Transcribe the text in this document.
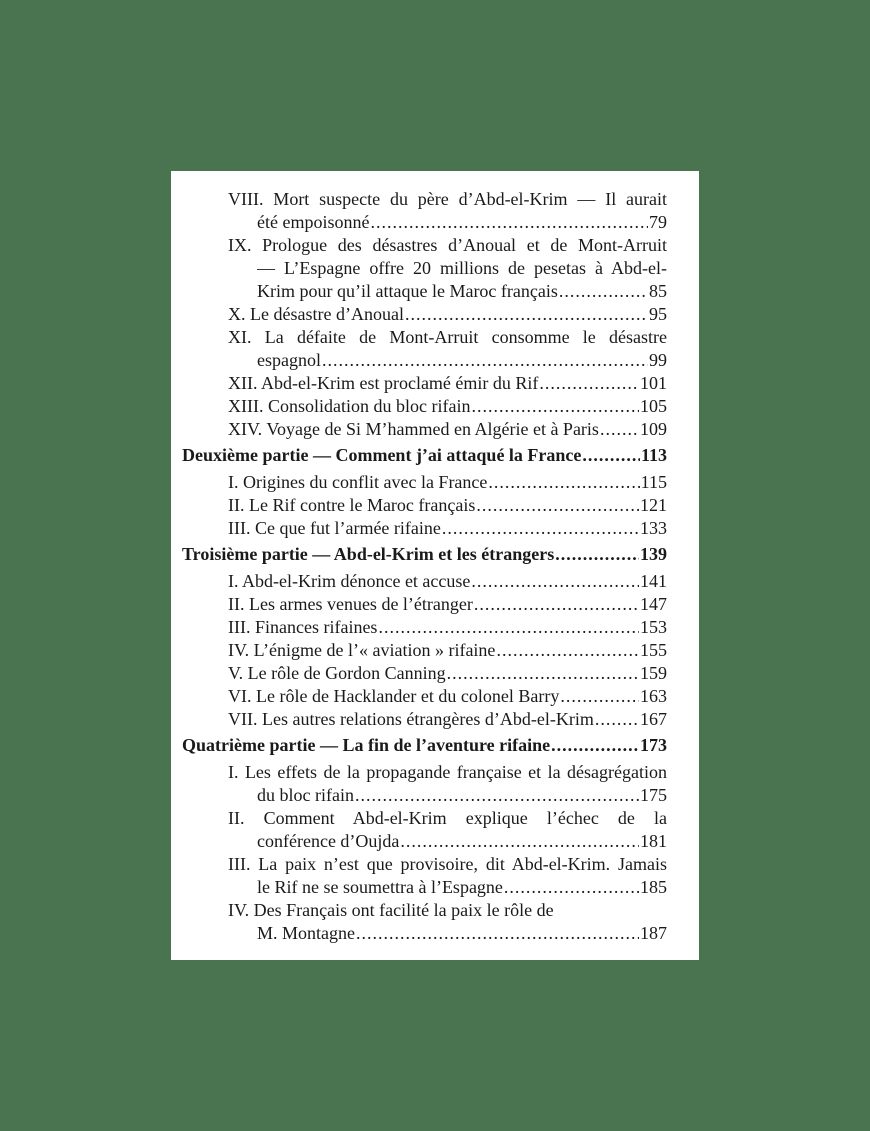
VIII. Mort suspecte du père d’Abd-el-Krim — Il aurait
été empoisonné .....	79
IX. Prologue des désastres d’Anoual et de Mont-Arruit
— L’Espagne offre 20 millions de pesetas à Abd-el-
Krim pour qu’il attaque le Maroc français .....	85
X. Le désastre d’Anoual .....	95
XI. La défaite de Mont-Arruit consomme le désastre
espagnol .....	99
XII. Abd-el-Krim est proclamé émir du Rif .....	101
XIII. Consolidation du bloc rifain .....	105
XIV. Voyage de Si M’hammed en Algérie et à Paris ..... 109
Deuxième partie — Comment j’ai attaqué la France .....	113
I. Origines du conflit avec la France .....	115
II. Le Rif contre le Maroc français .....	121
III. Ce que fut l’armée rifaine .....	133
Troisième partie — Abd-el-Krim et les étrangers .....	139
I. Abd-el-Krim dénonce et accuse .....	141
II. Les armes venues de l’étranger .....	147
III. Finances rifaines .....	153
IV. L’énigme de l’« aviation » rifaine .....	155
V. Le rôle de Gordon Canning .....	159
VI. Le rôle de Hacklander et du colonel Barry .....	163
VII. Les autres relations étrangères d’Abd-el-Krim .....	167
Quatrième partie — La fin de l’aventure rifaine .....	173
I. Les effets de la propagande française et la désagrégation
du bloc rifain .....	175
II. Comment Abd-el-Krim explique l’échec de la
conférence d’Oujda .....	181
III. La paix n’est que provisoire, dit Abd-el-Krim. Jamais
le Rif ne se soumettra à l’Espagne .....	185
IV. Des Français ont facilité la paix le rôle de
M. Montagne .....	187
